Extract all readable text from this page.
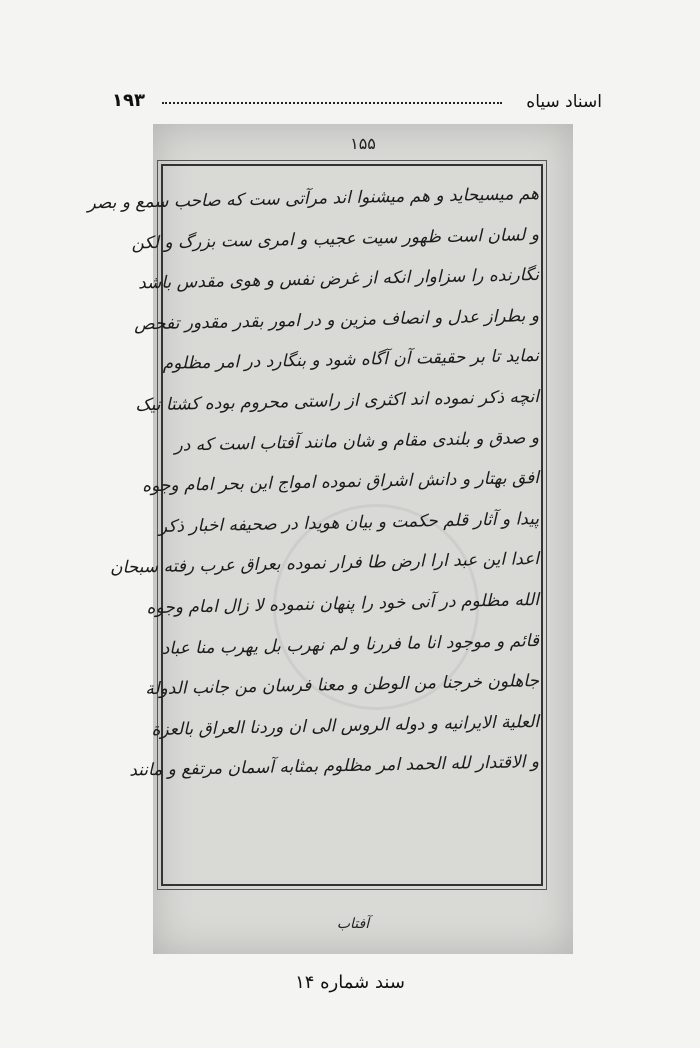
اسناد سیاه
۱۹۳
۱۵۵
هم میسیحاید و هم میشنوا اند مرآتی ست که صاحب سمع و بصر
و لسان است ظهور سیت عجیب و امری ست بزرگ و لکن
نگارنده را سزاوار انکه از غرض نفس و هوی مقدس باشد
و بطراز عدل و انصاف مزین و در امور بقدر مقدور تفحص
نماید تا بر حقیقت آن آگاه شود و بنگارد در امر مظلوم
انچه ذکر نموده اند اکثری از راستی محروم بوده کشتا نیک
و صدق و بلندی مقام و شان مانند آفتاب است که در
افق بهتار و دانش اشراق نموده امواج این بحر امام وجوه
پیدا و آثار قلم حکمت و بیان هویدا در صحیفه اخبار ذکر
اعدا این عبد ارا ارض طا فرار نموده بعراق عرب رفته سبحان
الله مظلوم در آنی خود را پنهان ننموده لا زال امام وجوه
قائم و موجود انا ما فررنا و لم نهرب بل یهرب منا عباد
جاهلون خرجنا من الوطن و معنا فرسان من جانب الدولة
العلیة الایرانیه و دوله الروس الی ان وردنا العراق بالعزة
و الاقتدار لله الحمد امر مظلوم بمثابه آسمان مرتفع و مانند
آفتاب
سند شماره ۱۴
